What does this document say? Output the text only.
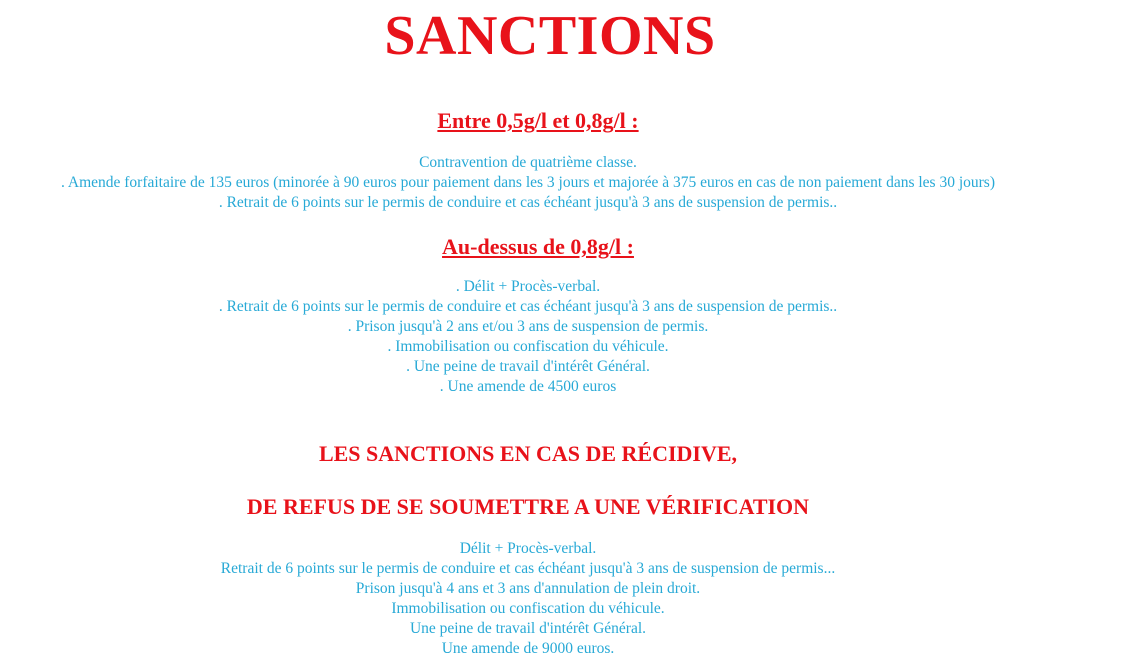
SANCTIONS
Entre 0,5g/l et 0,8g/l :
Contravention de quatrième classe.
. Amende forfaitaire de 135 euros (minorée à 90 euros pour paiement dans les 3 jours et majorée à 375 euros en cas de non paiement dans les 30 jours)
. Retrait de 6 points sur le permis de conduire et cas échéant jusqu'à 3 ans de suspension de permis..
Au-dessus de 0,8g/l :
. Délit + Procès-verbal.
. Retrait de 6 points sur le permis de conduire et cas échéant jusqu'à 3 ans de suspension de permis..
. Prison jusqu'à 2 ans et/ou 3 ans de suspension de permis.
. Immobilisation ou confiscation du véhicule.
. Une peine de travail d'intérêt Général.
. Une amende de 4500 euros
LES SANCTIONS EN CAS DE RÉCIDIVE,
DE REFUS DE SE SOUMETTRE A UNE VÉRIFICATION
Délit + Procès-verbal.
Retrait de 6 points sur le permis de conduire et cas échéant jusqu'à 3 ans de suspension de permis...
Prison jusqu'à 4 ans et 3 ans d'annulation de plein droit.
Immobilisation ou confiscation du véhicule.
Une peine de travail d'intérêt Général.
Une amende de 9000 euros.
